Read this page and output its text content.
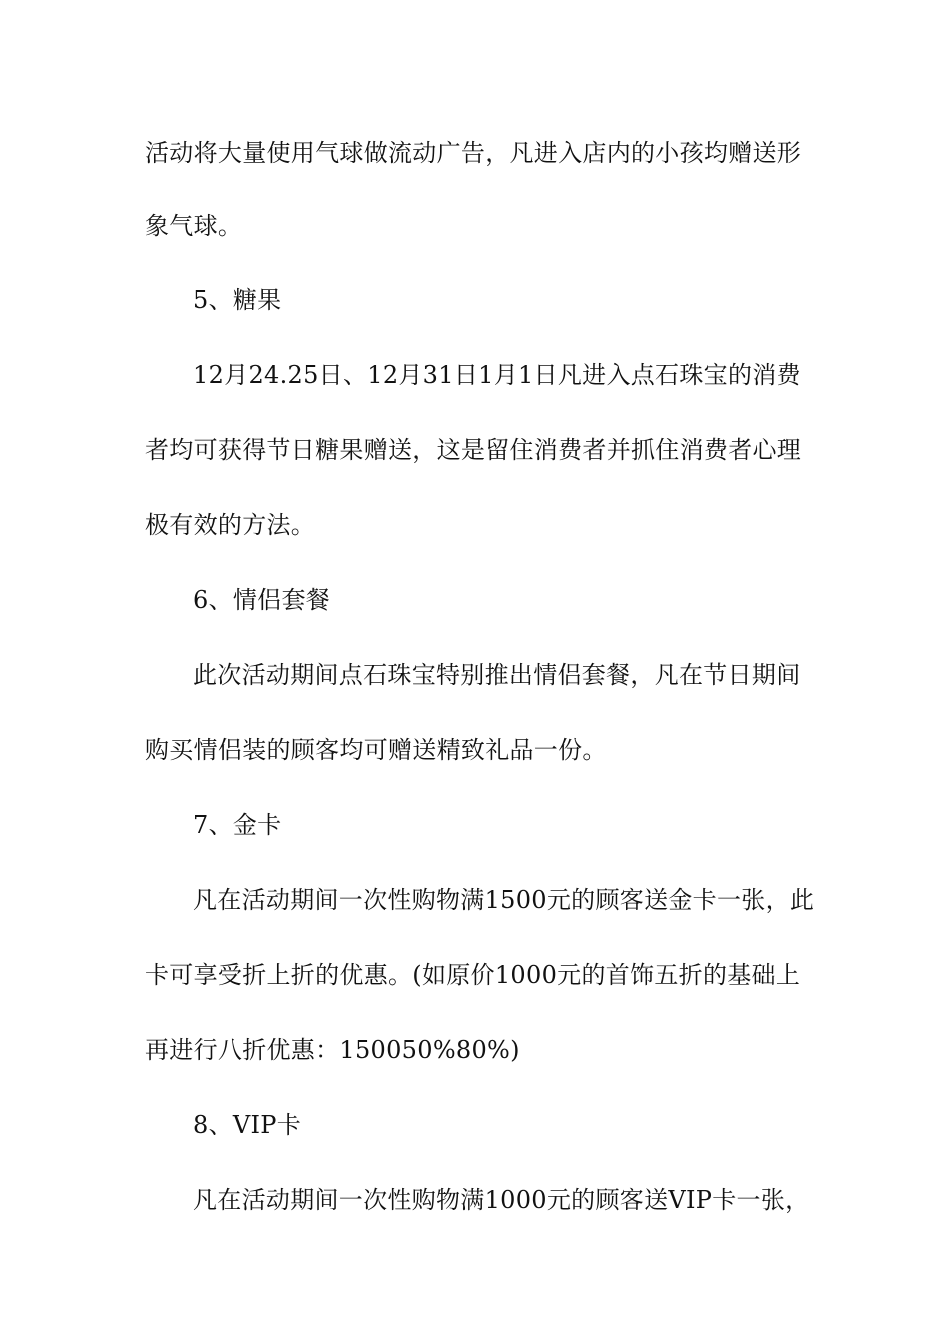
活动将大量使用气球做流动广告，凡进入店内的小孩均赠送形
象气球。
5、糖果
12月24.25日、12月31日1月1日凡进入点石珠宝的消费
者均可获得节日糖果赠送，这是留住消费者并抓住消费者心理
极有效的方法。
6、情侣套餐
此次活动期间点石珠宝特别推出情侣套餐，凡在节日期间
购买情侣装的顾客均可赠送精致礼品一份。
7、金卡
凡在活动期间一次性购物满1500元的顾客送金卡一张，此
卡可享受折上折的优惠。(如原价1000元的首饰五折的基础上
再进行八折优惠：150050%80%)
8、VIP卡
凡在活动期间一次性购物满1000元的顾客送VIP卡一张，
